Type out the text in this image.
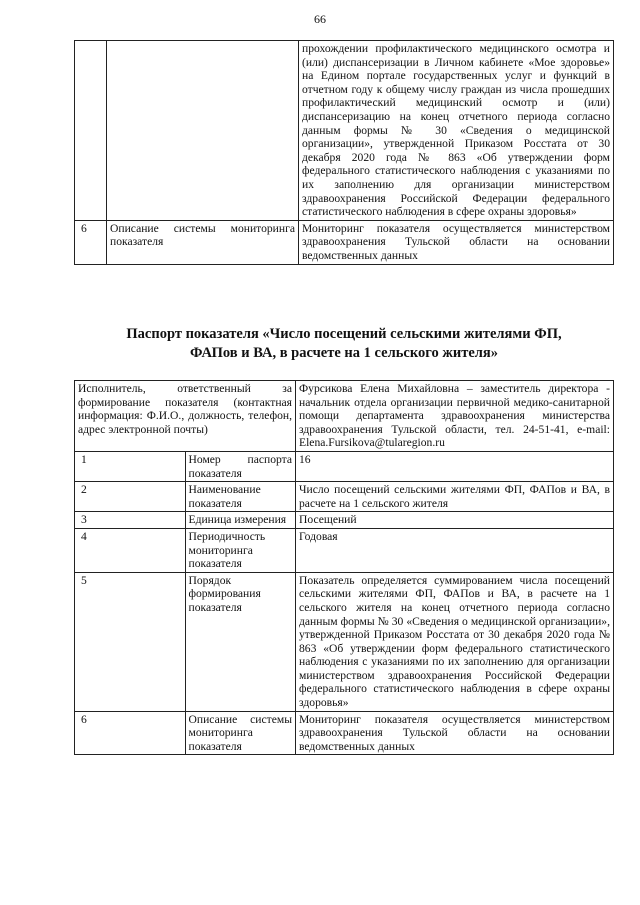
66
		прохождении профилактического медицинского осмотра и (или) диспансеризации в Личном кабинете «Мое здоровье» на Едином портале государственных услуг и функций в отчетном году к общему числу граждан из числа прошедших профилактический медицинский осмотр и (или) диспансеризацию на конец отчетного периода согласно данным формы № 30 «Сведения о медицинской организации», утвержденной Приказом Росстата от 30 декабря 2020 года № 863 «Об утверждении форм федерального статистического наблюдения с указаниями по их заполнению для организации министерством здравоохранения Российской Федерации федерального статистического наблюдения в сфере охраны здоровья»
6	Описание системы мониторинга показателя	Мониторинг показателя осуществляется министерством здравоохранения Тульской области на основании ведомственных данных
Паспорт показателя «Число посещений сельскими жителями ФП,
ФАПов и ВА, в расчете на 1 сельского жителя»
Исполнитель, ответственный за формирование показателя (контактная информация: Ф.И.О., должность, телефон, адрес электронной почты)		Фурсикова Елена Михайловна – заместитель директора - начальник отдела организации первичной медико-санитарной помощи департамента здравоохранения министерства здравоохранения Тульской области, тел. 24-51-41, e-mail: Elena.Fursikova@tularegion.ru
1	Номер паспорта показателя	16
2	Наименование показателя	Число посещений сельскими жителями ФП, ФАПов и ВА, в расчете на 1 сельского жителя
3	Единица измерения	Посещений
4	Периодичность мониторинга показателя	Годовая
5	Порядок формирования показателя	Показатель определяется суммированием числа посещений сельскими жителями ФП, ФАПов и ВА, в расчете на 1 сельского жителя на конец отчетного периода согласно данным формы № 30 «Сведения о медицинской организации», утвержденной Приказом Росстата от 30 декабря 2020 года № 863 «Об утверждении форм федерального статистического наблюдения с указаниями по их заполнению для организации министерством здравоохранения Российской Федерации федерального статистического наблюдения в сфере охраны здоровья»
6	Описание системы мониторинга показателя	Мониторинг показателя осуществляется министерством здравоохранения Тульской области на основании ведомственных данных
